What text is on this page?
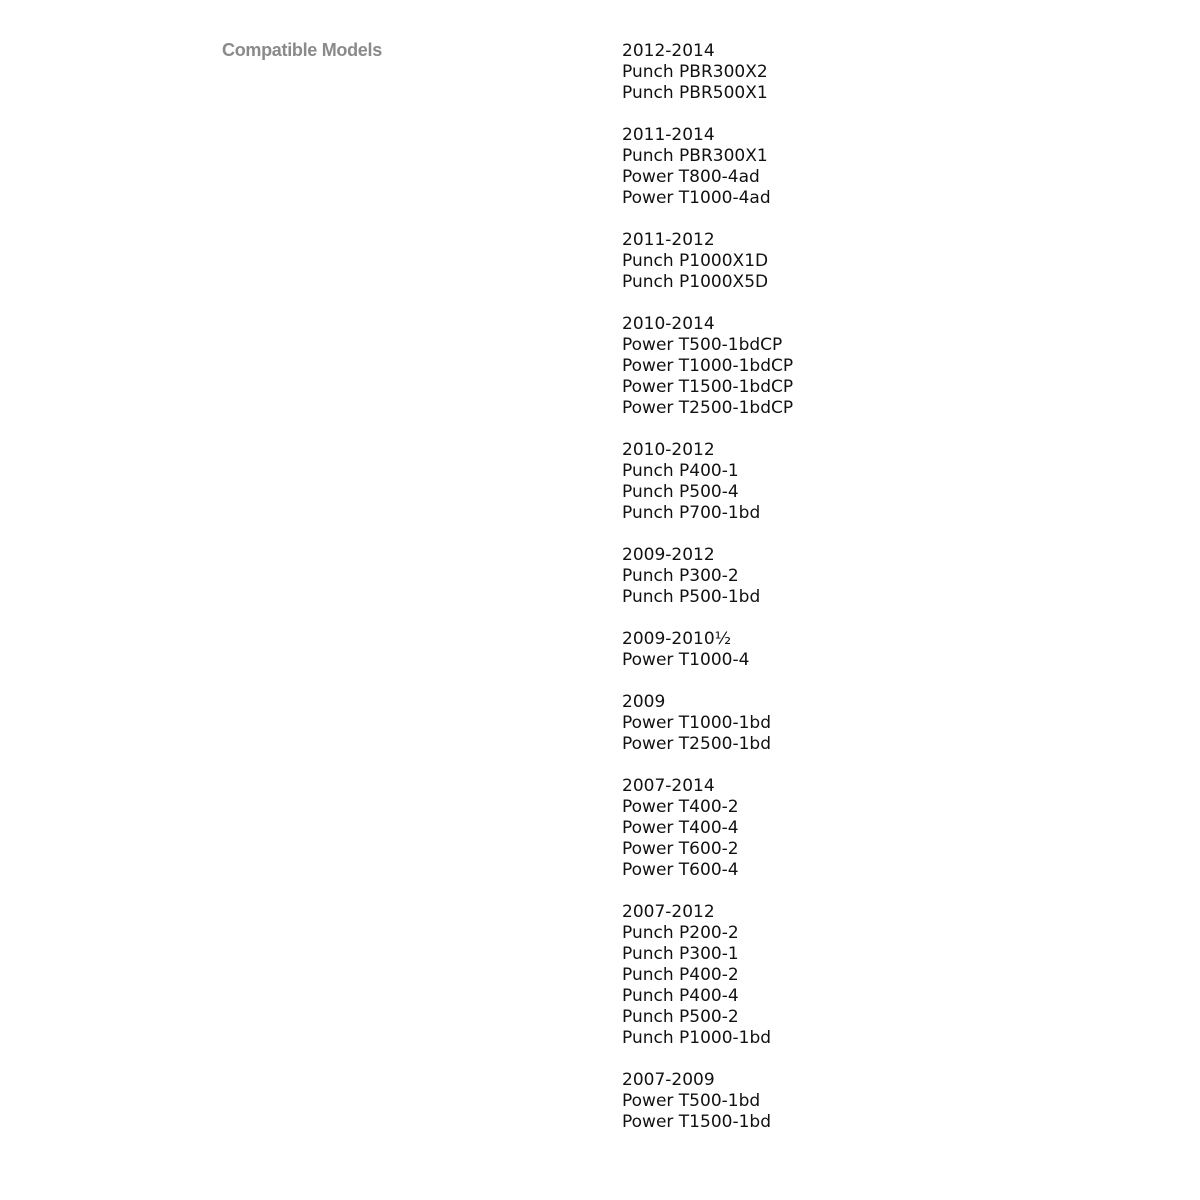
Compatible Models	2012-2014
Punch PBR300X2
Punch PBR500X1
2011-2014
Punch PBR300X1
Power T800-4ad
Power T1000-4ad
2011-2012
Punch P1000X1D
Punch P1000X5D
2010-2014
Power T500-1bdCP
Power T1000-1bdCP
Power T1500-1bdCP
Power T2500-1bdCP
2010-2012
Punch P400-1
Punch P500-4
Punch P700-1bd
2009-2012
Punch P300-2
Punch P500-1bd
2009-2010½
Power T1000-4
2009
Power T1000-1bd
Power T2500-1bd
2007-2014
Power T400-2
Power T400-4
Power T600-2
Power T600-4
2007-2012
Punch P200-2
Punch P300-1
Punch P400-2
Punch P400-4
Punch P500-2
Punch P1000-1bd
2007-2009
Power T500-1bd
Power T1500-1bd
